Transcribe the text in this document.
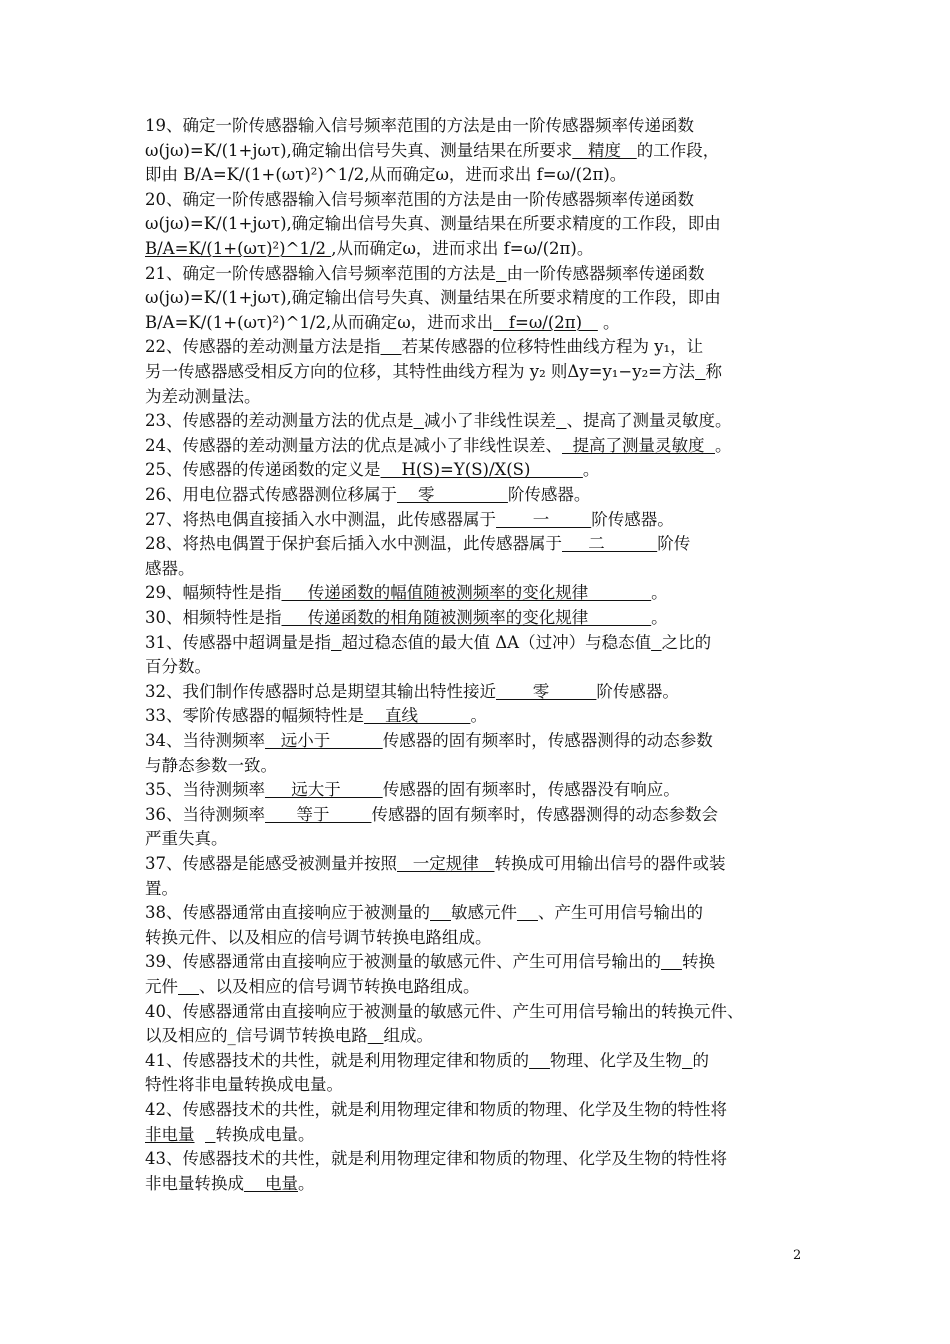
19、确定一阶传感器输入信号频率范围的方法是由一阶传感器频率传递函数
ω(jω)=K/(1+jωτ),确定输出信号失真、测量结果在所要求   精度   的工作段，
即由 B/A=K/(1+(ωτ)²)^1/2,从而确定ω，进而求出 f=ω/(2π)。
20、确定一阶传感器输入信号频率范围的方法是由一阶传感器频率传递函数
ω(jω)=K/(1+jωτ),确定输出信号失真、测量结果在所要求精度的工作段，即由
B/A=K/(1+(ωτ)²)^1/2 ,从而确定ω，进而求出 f=ω/(2π)。
21、确定一阶传感器输入信号频率范围的方法是 由一阶传感器频率传递函数
ω(jω)=K/(1+jωτ),确定输出信号失真、测量结果在所要求精度的工作段，即由
B/A=K/(1+(ωτ)²)^1/2,从而确定ω，进而求出   f=ω/(2π)    。
22、传感器的差动测量方法是指 若某传感器的位移特性曲线方程为 y₁，让
另一传感器感受相反方向的位移，其特性曲线方程为 y₂ 则Δy=y₁−y₂=方法 称
为差动测量法。
23、传感器的差动测量方法的优点是 减小了非线性误差 、提高了测量灵敏度。
24、传感器的差动测量方法的优点是减小了非线性误差、  提高了测量灵敏度  。
25、传感器的传递函数的定义是    H(S)=Y(S)/X(S)          。
26、用电位器式传感器测位移属于    零              阶传感器。
27、将热电偶直接插入水中测温，此传感器属于       一        阶传感器。
28、将热电偶置于保护套后插入水中测温，此传感器属于     二          阶传
感器。
29、幅频特性是指     传递函数的幅值随被测频率的变化规律            。
30、相频特性是指     传递函数的相角随被测频率的变化规律            。
31、传感器中超调量是指 超过稳态值的最大值 ΔA（过冲）与稳态值 之比的
百分数。
32、我们制作传感器时总是期望其输出特性接近       零         阶传感器。
33、零阶传感器的幅频特性是    直线          。
34、当待测频率   远小于          传感器的固有频率时，传感器测得的动态参数
与静态参数一致。
35、当待测频率     远大于        传感器的固有频率时，传感器没有响应。
36、当待测频率      等于        传感器的固有频率时，传感器测得的动态参数会
严重失真。
37、传感器是能感受被测量并按照   一定规律   转换成可用输出信号的器件或装
置。
38、传感器通常由直接响应于被测量的 敏感元件 、产生可用信号输出的
转换元件、以及相应的信号调节转换电路组成。
39、传感器通常由直接响应于被测量的敏感元件、产生可用信号输出的 转换
元件 、以及相应的信号调节转换电路组成。
40、传感器通常由直接响应于被测量的敏感元件、产生可用信号输出的转换元件、
以及相应的_信号调节转换电路 组成。
41、传感器技术的共性，就是利用物理定律和物质的 物理、化学及生物 的
特性将非电量转换成电量。
42、传感器技术的共性，就是利用物理定律和物质的物理、化学及生物的特性将
非电量 转换成电量。
43、传感器技术的共性，就是利用物理定律和物质的物理、化学及生物的特性将
非电量转换成    电量。
2
